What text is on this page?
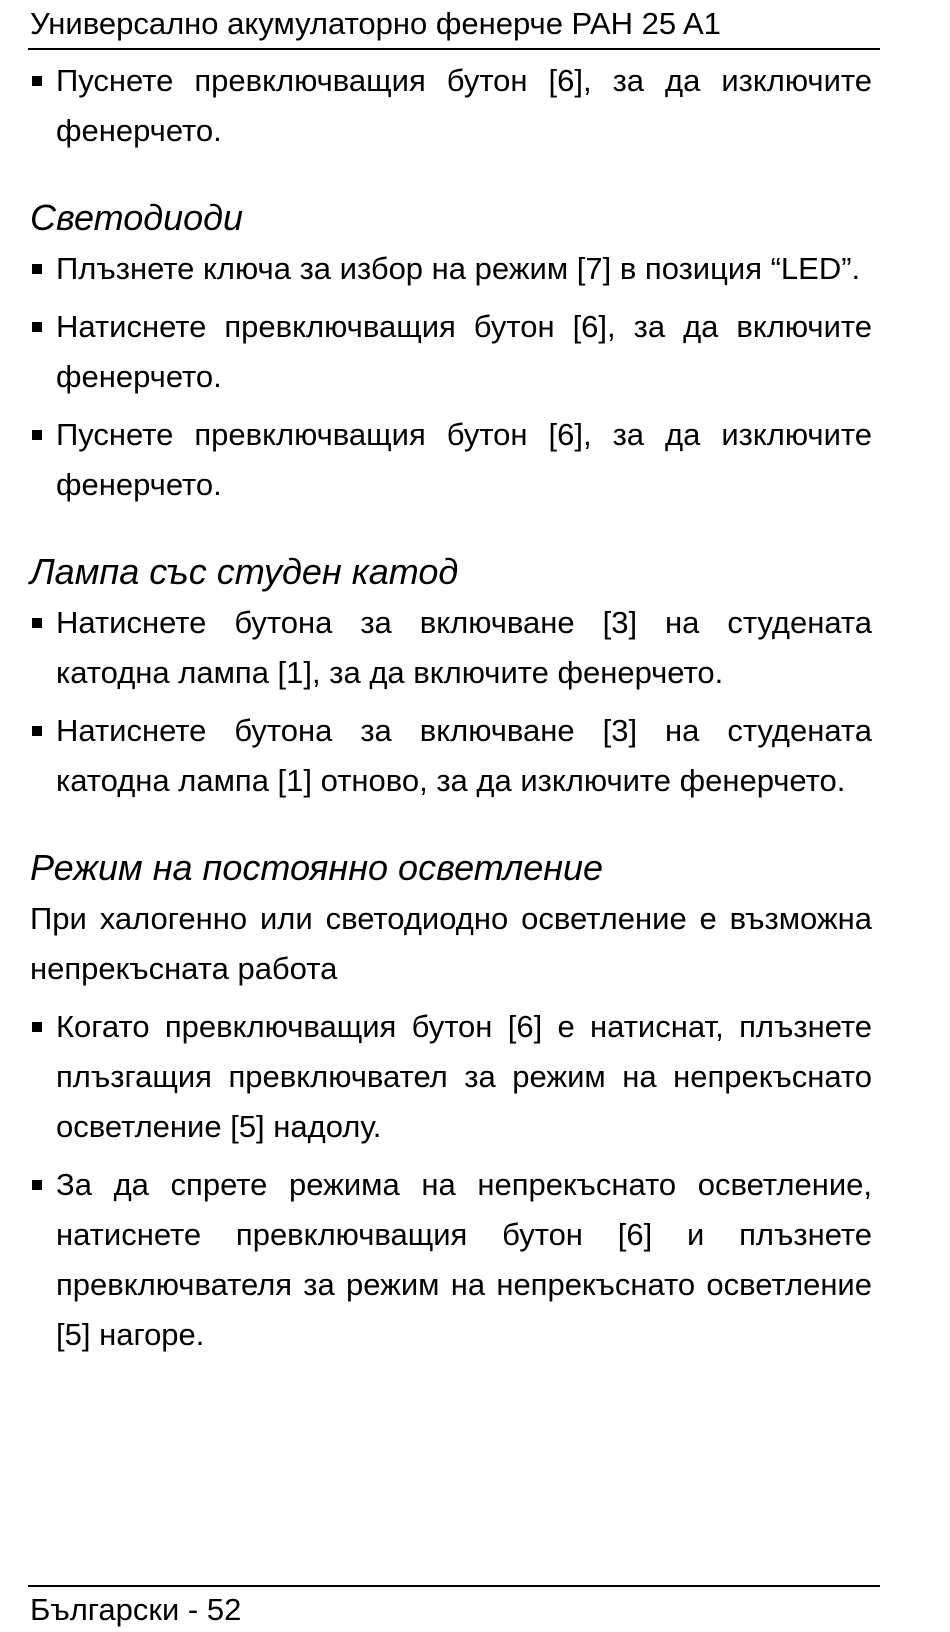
Универсално акумулаторно фенерче PAH 25 A1
Пуснете превключващия бутон [6], за да изключите фенерчето.
Светодиоди
Плъзнете ключа за избор на режим [7] в позиция “LED”.
Натиснете превключващия бутон [6], за да включите фенерчето.
Пуснете превключващия бутон [6], за да изключите фенерчето.
Лампа със студен катод
Натиснете бутона за включване [3] на студената катодна лампа [1], за да включите фенерчето.
Натиснете бутона за включване [3] на студената катодна лампа [1] отново, за да изключите фенерчето.
Режим на постоянно осветление
При халогенно или светодиодно осветление е възможна непрекъсната работа
Когато превключващия бутон [6] е натиснат, плъзнете плъзгащия превключвател за режим на непрекъснато осветление [5] надолу.
За да спрете режима на непрекъснато осветление, натиснете превключващия бутон [6] и плъзнете превключвателя за режим на непрекъснато осветление [5] нагоре.
Български - 52
